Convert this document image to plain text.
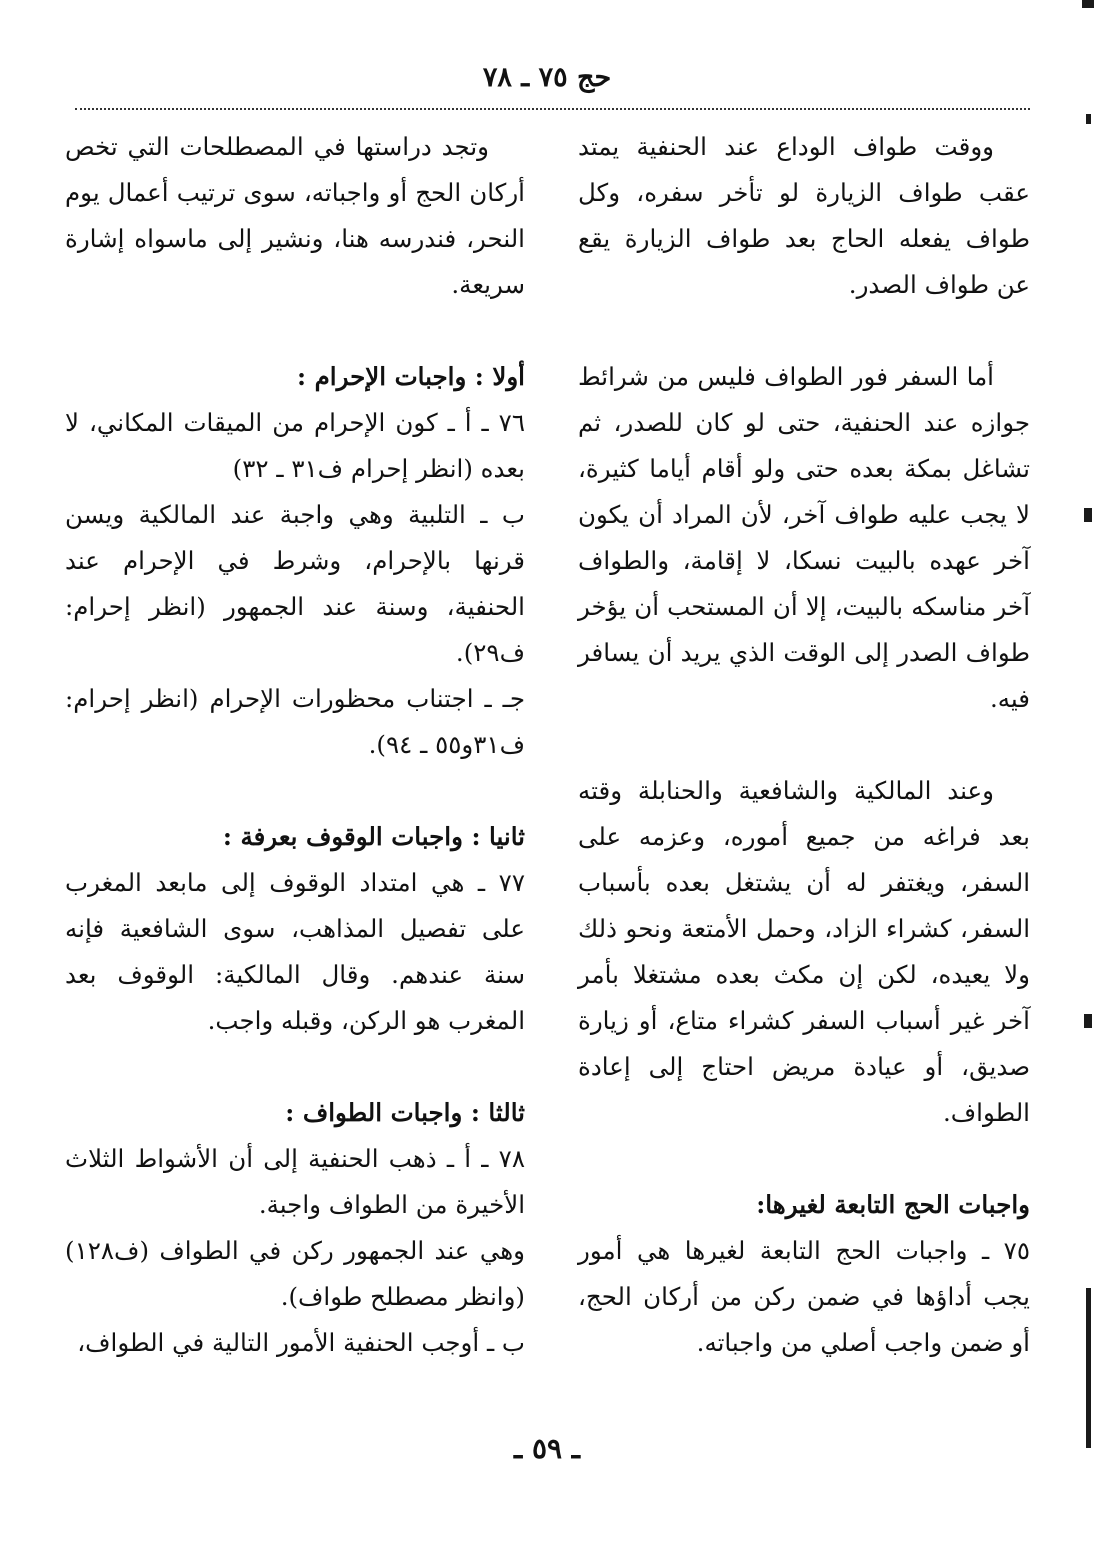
حج ٧٥ ـ ٧٨

ووقت طواف الوداع عند الحنفية يمتد عقب طواف الزيارة لو تأخر سفره، وكل طواف يفعله الحاج بعد طواف الزيارة يقع عن طواف الصدر.

أما السفر فور الطواف فليس من شرائط جوازه عند الحنفية، حتى لو كان للصدر، ثم تشاغل بمكة بعده حتى ولو أقام أياما كثيرة، لا يجب عليه طواف آخر، لأن المراد أن يكون آخر عهده بالبيت نسكا، لا إقامة، والطواف آخر مناسكه بالبيت، إلا أن المستحب أن يؤخر طواف الصدر إلى الوقت الذي يريد أن يسافر فيه.

وعند المالكية والشافعية والحنابلة وقته بعد فراغه من جميع أموره، وعزمه على السفر، ويغتفر له أن يشتغل بعده بأسباب السفر، كشراء الزاد، وحمل الأمتعة ونحو ذلك ولا يعيده، لكن إن مكث بعده مشتغلا بأمر آخر غير أسباب السفر كشراء متاع، أو زيارة صديق، أو عيادة مريض احتاج إلى إعادة الطواف.

واجبات الحج التابعة لغيرها:

٧٥ ـ واجبات الحج التابعة لغيرها هي أمور يجب أداؤها في ضمن ركن من أركان الحج، أو ضمن واجب أصلي من واجباته.

وتجد دراستها في المصطلحات التي تخص أركان الحج أو واجباته، سوى ترتيب أعمال يوم النحر، فندرسه هنا، ونشير إلى ماسواه إشارة سريعة.

أولا : واجبات الإحرام :

٧٦ ـ أ ـ كون الإحرام من الميقات المكاني، لا بعده (انظر إحرام ف٣١ ـ ٣٢)

ب ـ التلبية وهي واجبة عند المالكية ويسن قرنها بالإحرام، وشرط في الإحرام عند الحنفية، وسنة عند الجمهور (انظر إحرام: ف٢٩).

جـ ـ اجتناب محظورات الإحرام (انظر إحرام: ف٣١و٥٥ ـ ٩٤).

ثانيا : واجبات الوقوف بعرفة :

٧٧ ـ هي امتداد الوقوف إلى مابعد المغرب على تفصيل المذاهب، سوى الشافعية فإنه سنة عندهم. وقال المالكية: الوقوف بعد المغرب هو الركن، وقبله واجب.

ثالثا : واجبات الطواف :

٧٨ ـ أ ـ ذهب الحنفية إلى أن الأشواط الثلاث الأخيرة من الطواف واجبة.

وهي عند الجمهور ركن في الطواف (ف١٢٨) (وانظر مصطلح طواف).

ب ـ أوجب الحنفية الأمور التالية في الطواف،

ـ ٥٩ ـ
